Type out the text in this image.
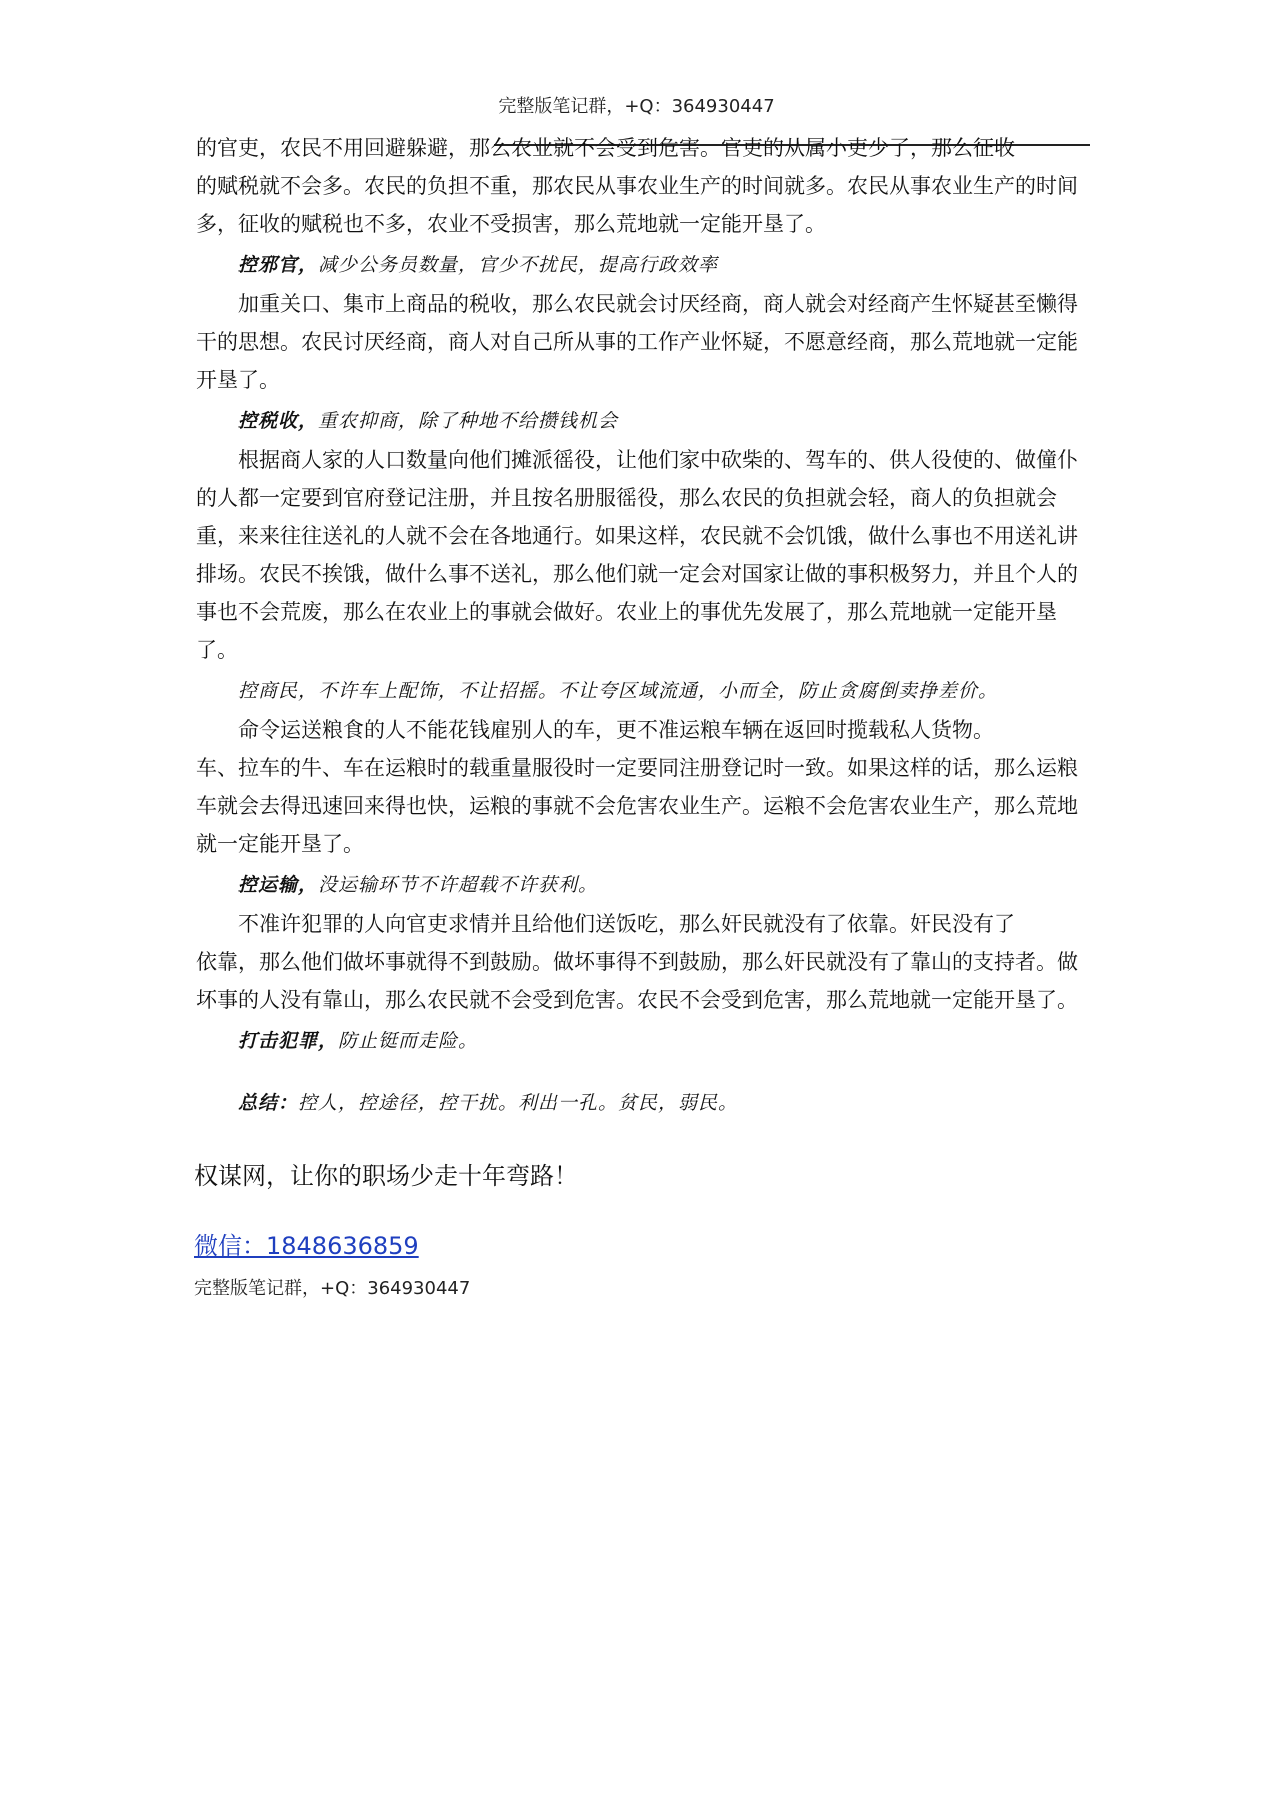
完整版笔记群，+Q：364930447

的官吏，农民不用回避躲避，那么农业就不会受到危害。官吏的从属小吏少了，那么征收
的赋税就不会多。农民的负担不重，那农民从事农业生产的时间就多。农民从事农业生产的时间多，征收的赋税也不多，农业不受损害，那么荒地就一定能开垦了。

控邪官，减少公务员数量，官少不扰民，提高行政效率

加重关口、集市上商品的税收，那么农民就会讨厌经商，商人就会对经商产生怀疑甚至懒得干的思想。农民讨厌经商，商人对自己所从事的工作产业怀疑，不愿意经商，那么荒地就一定能开垦了。

控税收，重农抑商，除了种地不给攒钱机会

根据商人家的人口数量向他们摊派徭役，让他们家中砍柴的、驾车的、供人役使的、做僮仆的人都一定要到官府登记注册，并且按名册服徭役，那么农民的负担就会轻，商人的负担就会重，来来往往送礼的人就不会在各地通行。如果这样，农民就不会饥饿，做什么事也不用送礼讲排场。农民不挨饿，做什么事不送礼，那么他们就一定会对国家让做的事积极努力，并且个人的事也不会荒废，那么在农业上的事就会做好。农业上的事优先发展了，那么荒地就一定能开垦了。

控商民，不许车上配饰，不让招摇。不让夸区域流通，小而全，防止贪腐倒卖挣差价。

命令运送粮食的人不能花钱雇别人的车，更不准运粮车辆在返回时揽载私人货物。

车、拉车的牛、车在运粮时的载重量服役时一定要同注册登记时一致。如果这样的话，那么运粮车就会去得迅速回来得也快，运粮的事就不会危害农业生产。运粮不会危害农业生产，那么荒地就一定能开垦了。

控运输，没运输环节不许超载不许获利。

不准许犯罪的人向官吏求情并且给他们送饭吃，那么奸民就没有了依靠。奸民没有了

依靠，那么他们做坏事就得不到鼓励。做坏事得不到鼓励，那么奸民就没有了靠山的支持者。做坏事的人没有靠山，那么农民就不会受到危害。农民不会受到危害，那么荒地就一定能开垦了。

打击犯罪，防止铤而走险。

总结：控人，控途径，控干扰。利出一孔。贫民，弱民。

权谋网，让你的职场少走十年弯路！
微信：1848636859
完整版笔记群，+Q：364930447
